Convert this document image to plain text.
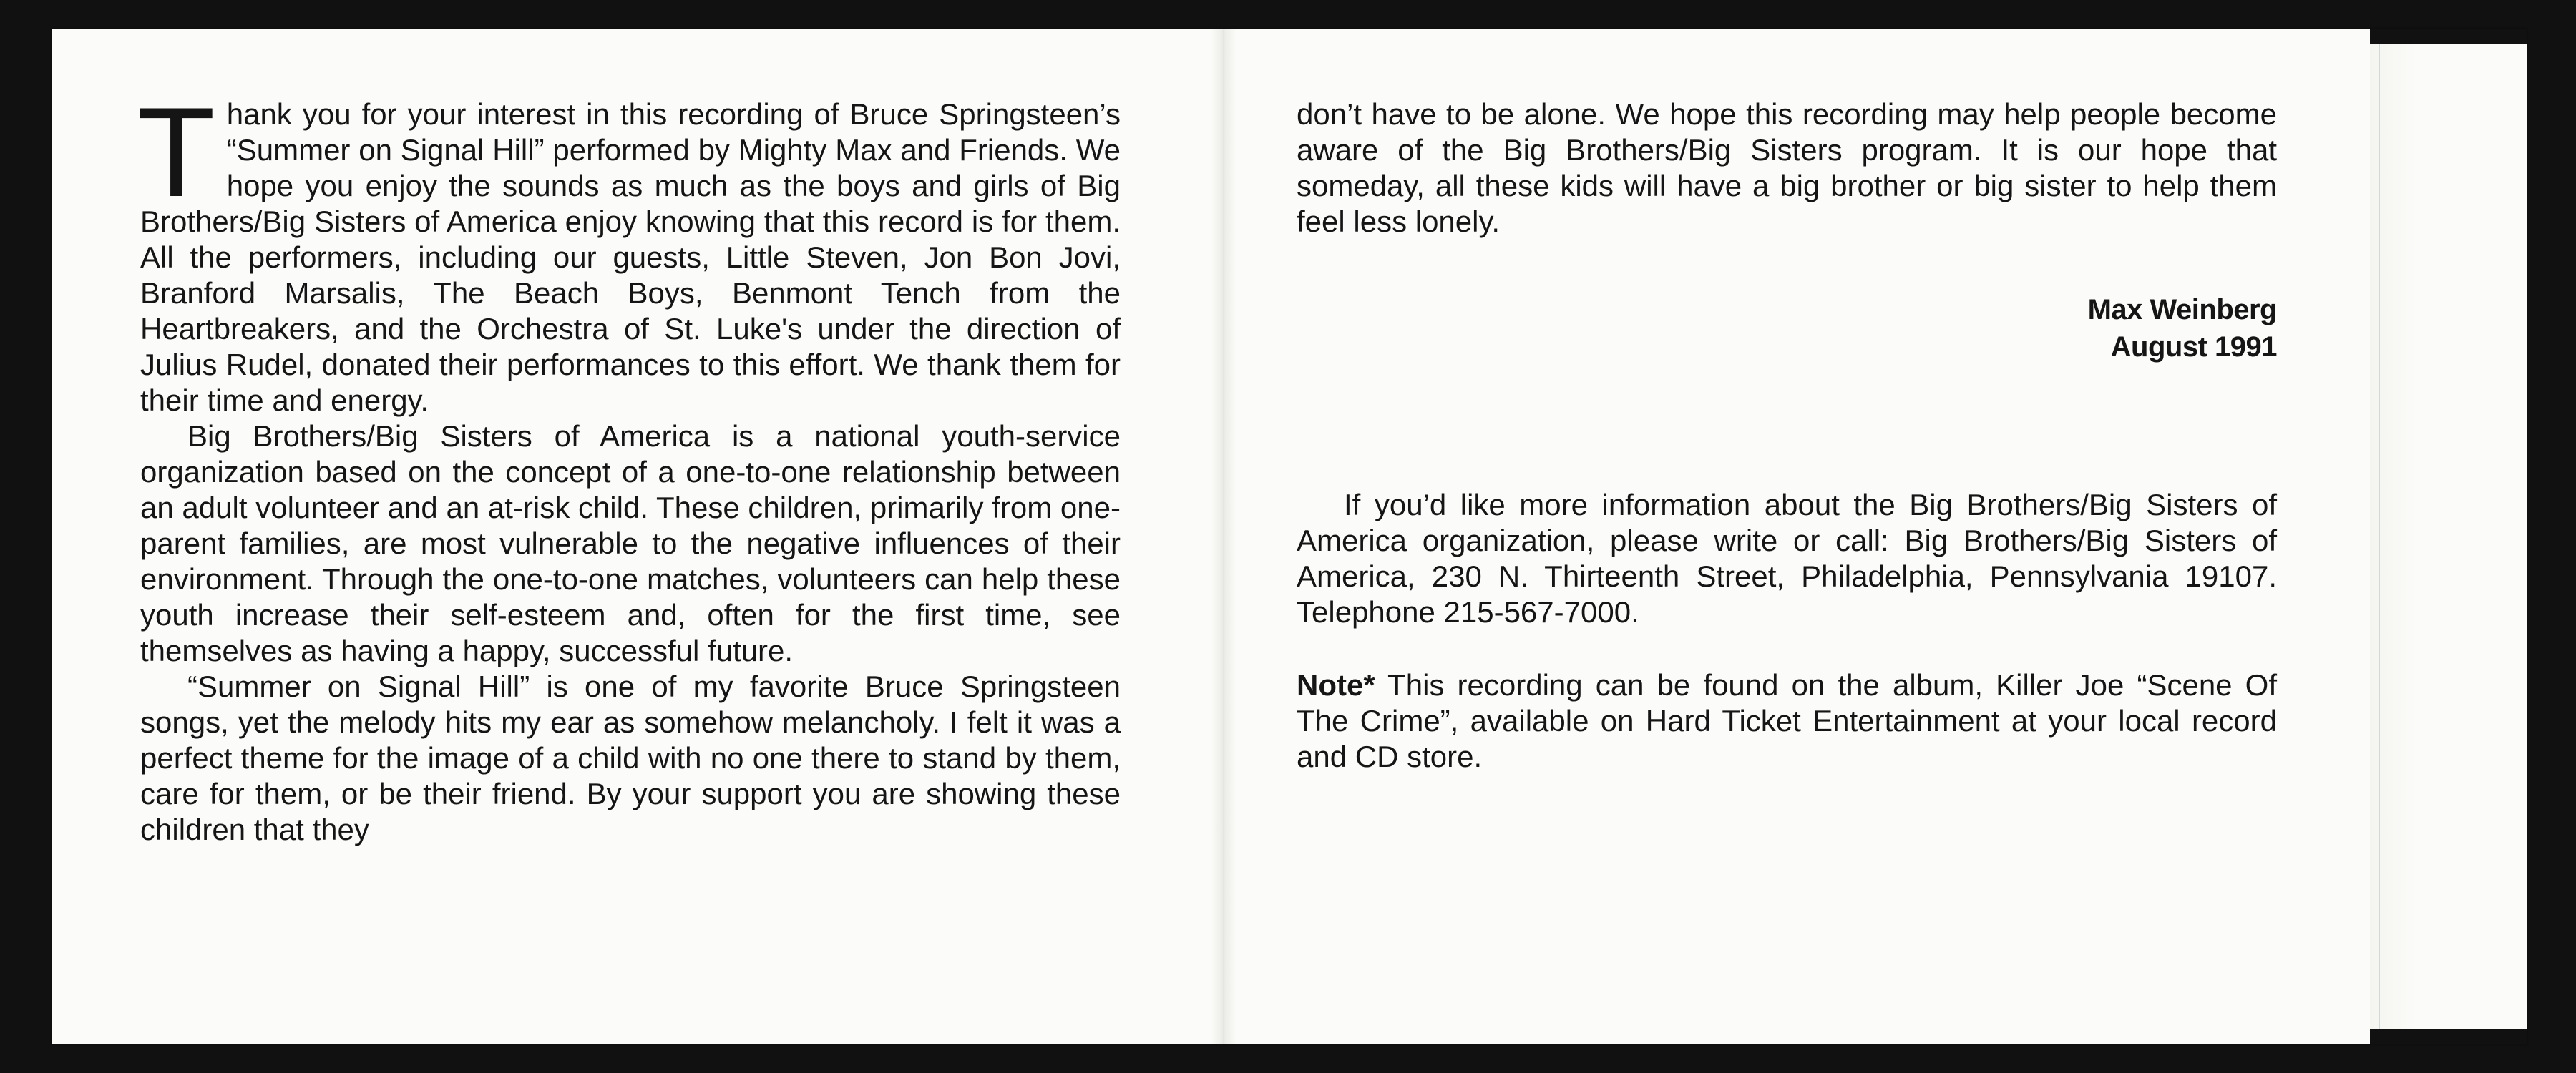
Thank you for your interest in this recording of Bruce Springsteen’s “Summer on Signal Hill” performed by Mighty Max and Friends. We hope you enjoy the sounds as much as the boys and girls of Big Brothers/Big Sisters of America enjoy knowing that this record is for them. All the performers, including our guests, Little Steven, Jon Bon Jovi, Branford Marsalis, The Beach Boys, Benmont Tench from the Heartbreakers, and the Orchestra of St. Luke's under the direction of Julius Rudel, donated their performances to this effort. We thank them for their time and energy.

Big Brothers/Big Sisters of America is a national youth-service organization based on the concept of a one-to-one relationship between an adult volunteer and an at-risk child. These children, primarily from one-parent families, are most vulnerable to the negative influences of their environment. Through the one-to-one matches, volunteers can help these youth increase their self-esteem and, often for the first time, see themselves as having a happy, successful future.

“Summer on Signal Hill” is one of my favorite Bruce Springsteen songs, yet the melody hits my ear as somehow melancholy. I felt it was a perfect theme for the image of a child with no one there to stand by them, care for them, or be their friend. By your support you are showing these children that they

don’t have to be alone. We hope this recording may help people become aware of the Big Brothers/Big Sisters program. It is our hope that someday, all these kids will have a big brother or big sister to help them feel less lonely.

Max Weinberg
August 1991

If you’d like more information about the Big Brothers/Big Sisters of America organization, please write or call: Big Brothers/Big Sisters of America, 230 N. Thirteenth Street, Philadelphia, Pennsylvania 19107. Telephone 215-567-7000.

Note* This recording can be found on the album, Killer Joe “Scene Of The Crime”, available on Hard Ticket Entertainment at your local record and CD store.
